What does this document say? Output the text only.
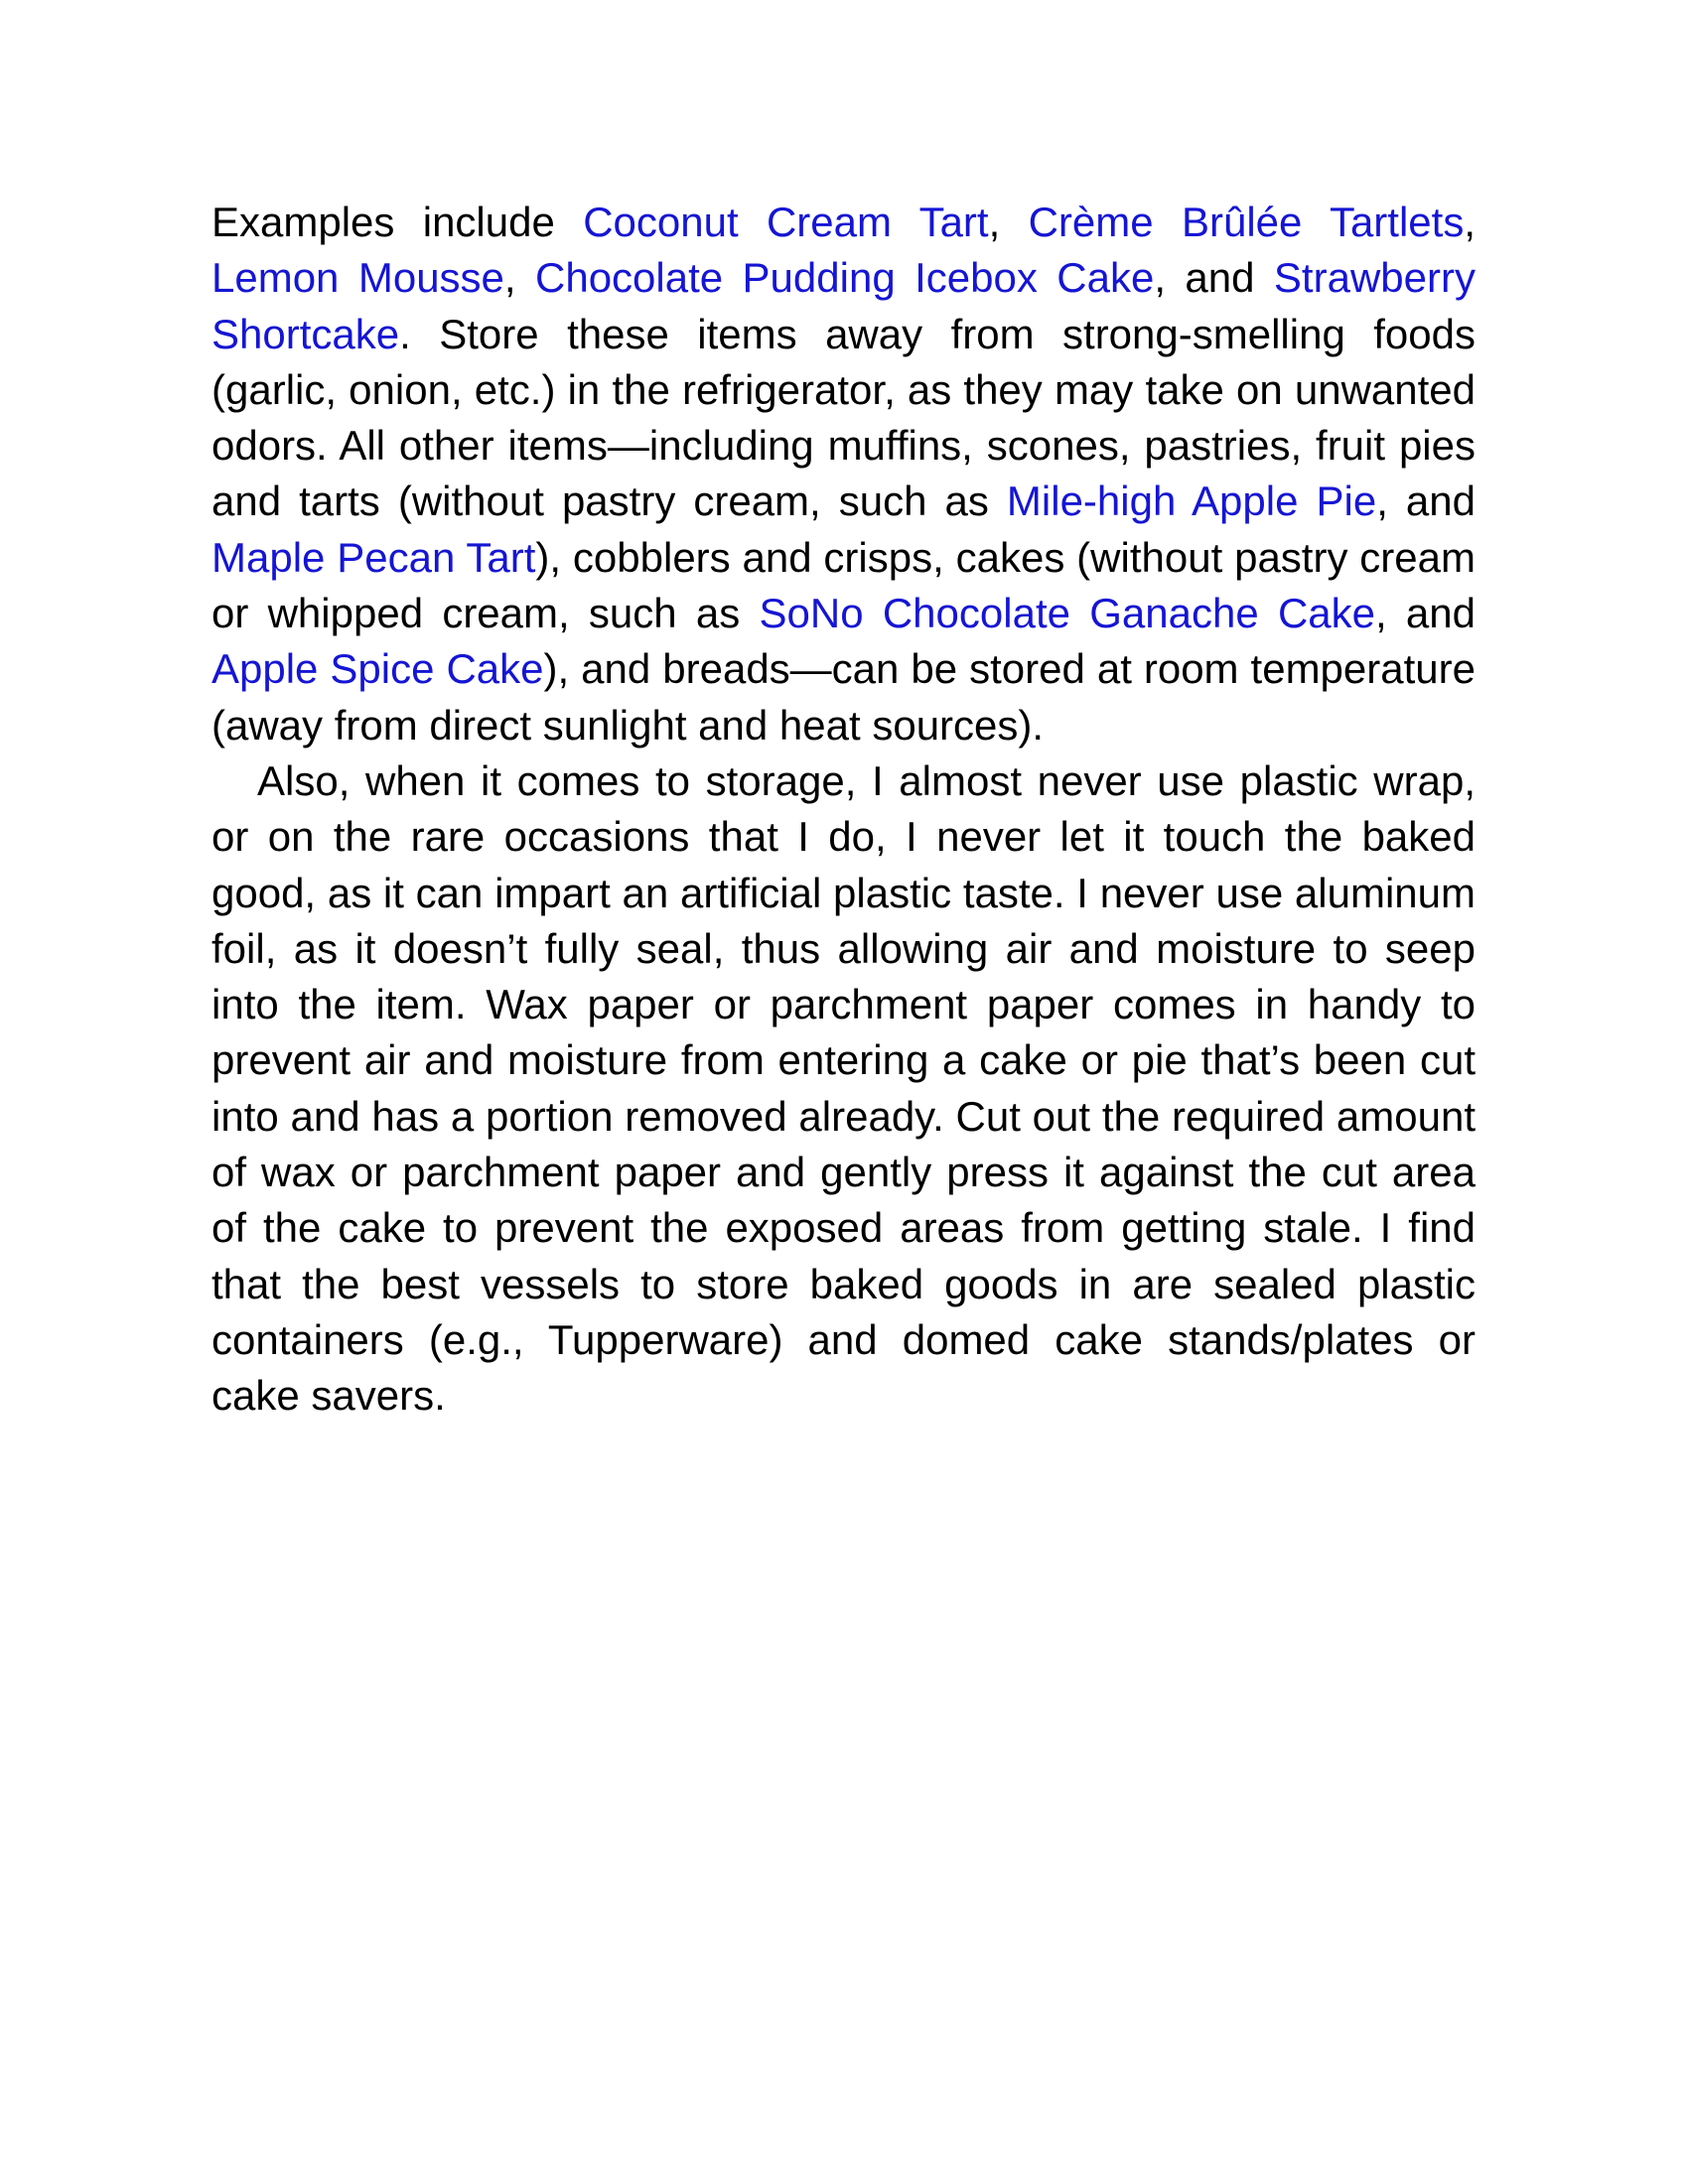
Examples include Coconut Cream Tart, Crème Brûlée Tartlets, Lemon Mousse, Chocolate Pudding Icebox Cake, and Strawberry Shortcake. Store these items away from strong-smelling foods (garlic, onion, etc.) in the refrigerator, as they may take on unwanted odors. All other items—including muffins, scones, pastries, fruit pies and tarts (without pastry cream, such as Mile-high Apple Pie, and Maple Pecan Tart), cobblers and crisps, cakes (without pastry cream or whipped cream, such as SoNo Chocolate Ganache Cake, and Apple Spice Cake), and breads—can be stored at room temperature (away from direct sunlight and heat sources).

Also, when it comes to storage, I almost never use plastic wrap, or on the rare occasions that I do, I never let it touch the baked good, as it can impart an artificial plastic taste. I never use aluminum foil, as it doesn’t fully seal, thus allowing air and moisture to seep into the item. Wax paper or parchment paper comes in handy to prevent air and moisture from entering a cake or pie that’s been cut into and has a portion removed already. Cut out the required amount of wax or parchment paper and gently press it against the cut area of the cake to prevent the exposed areas from getting stale. I find that the best vessels to store baked goods in are sealed plastic containers (e.g., Tupperware) and domed cake stands/plates or cake savers.
